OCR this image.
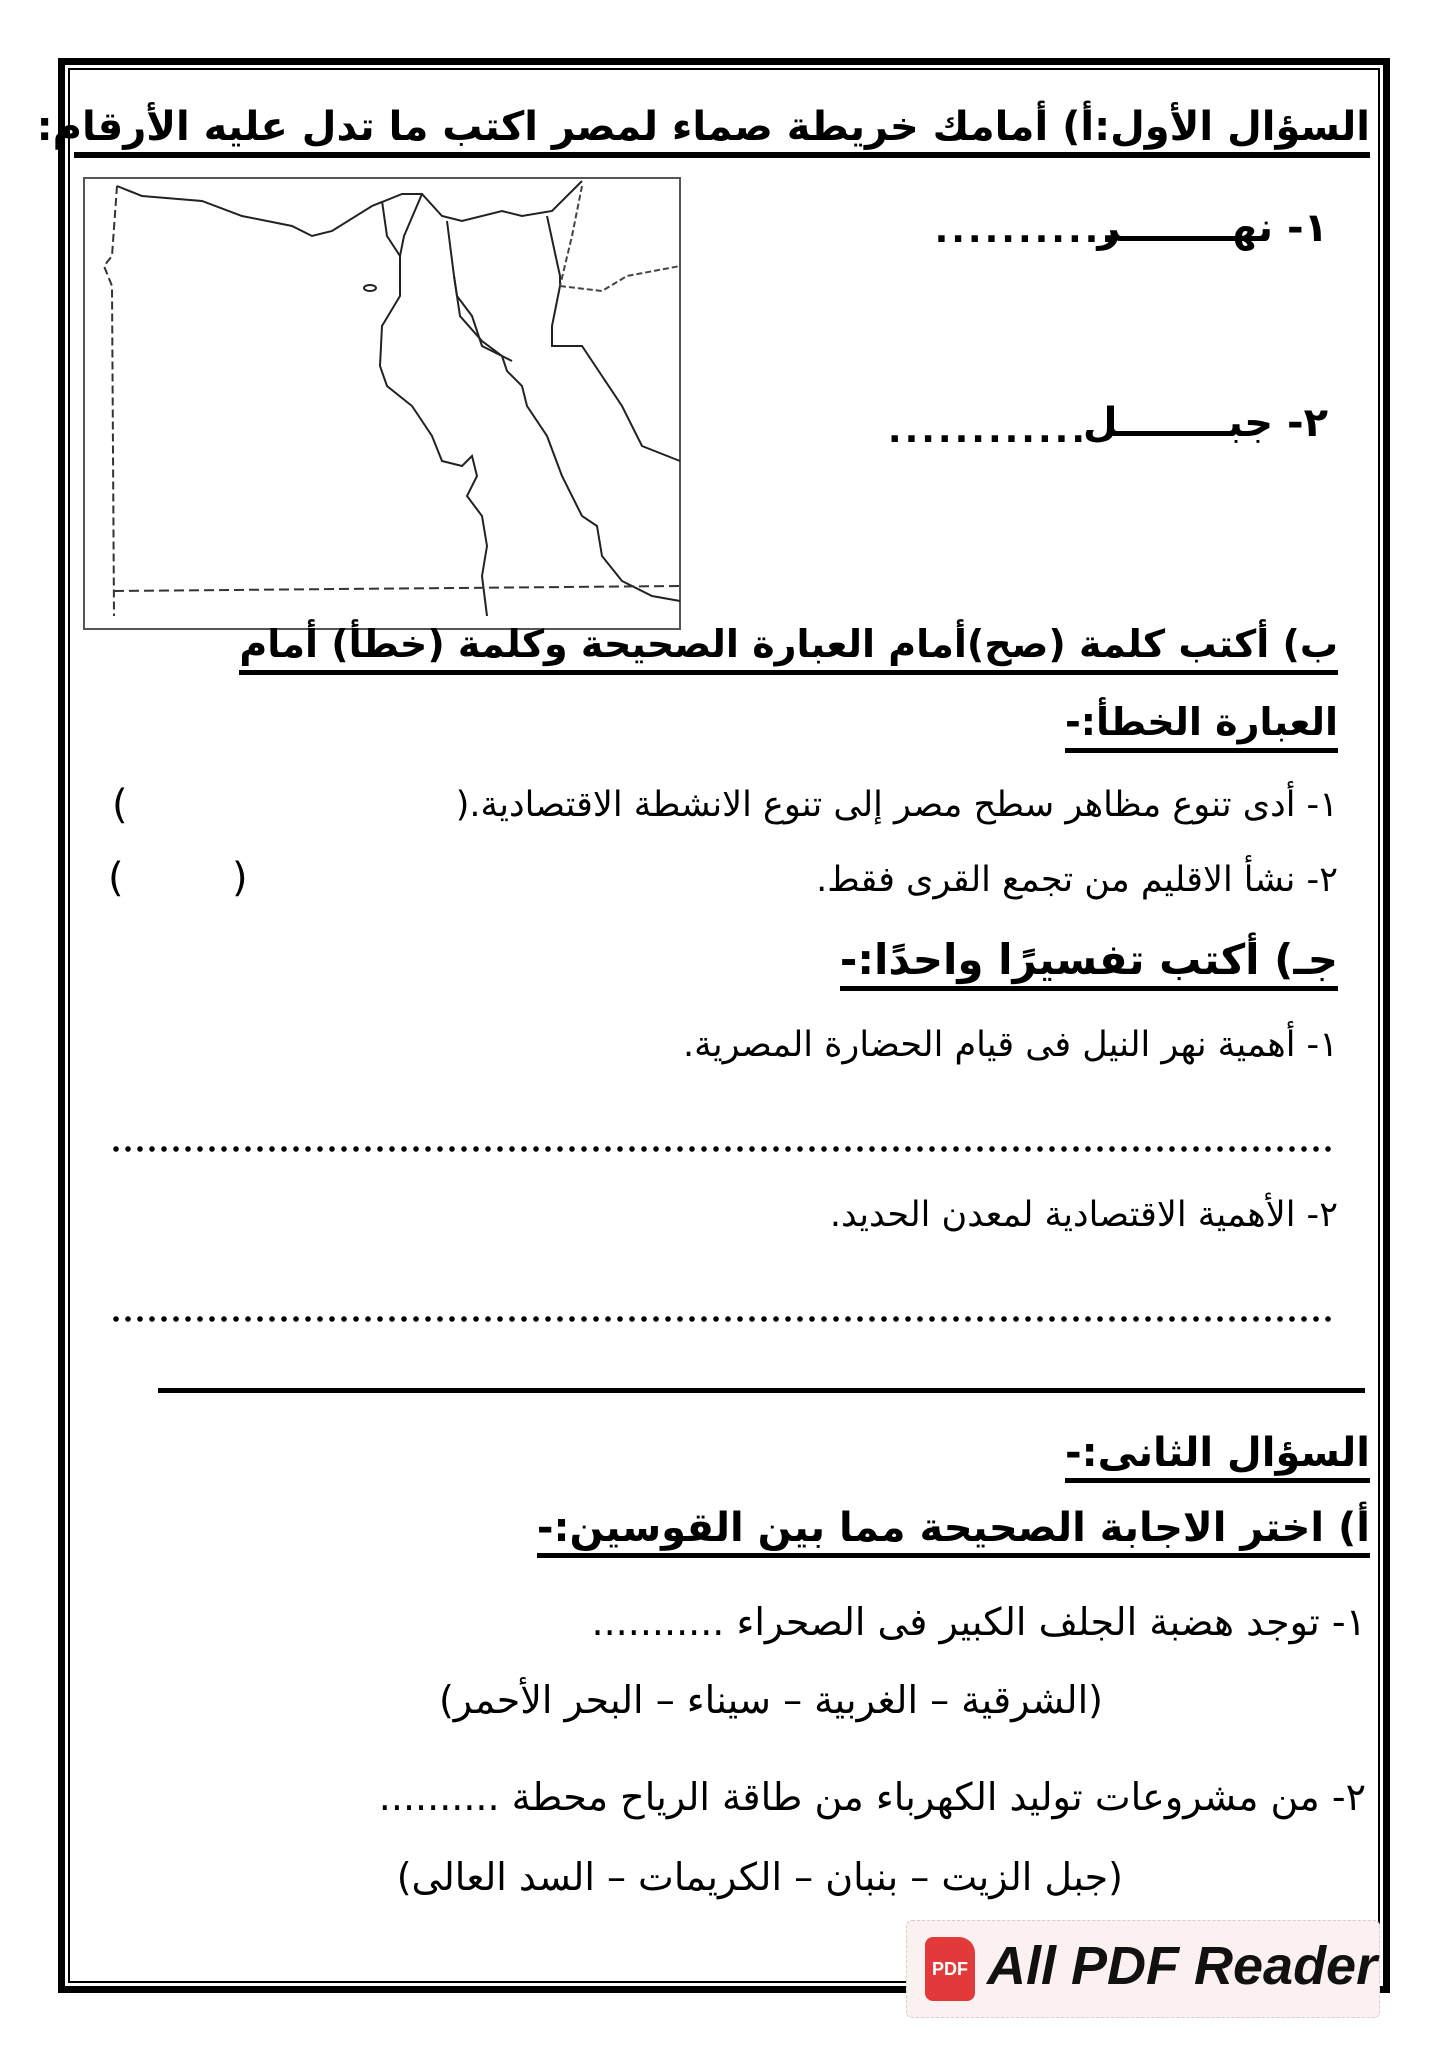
السؤال الأول:أ) أمامك خريطة صماء لمصر اكتب ما تدل عليه الأرقام:
١- نهــــــــر
...........
٢- جبــــــــل
............
ب) أكتب كلمة (صح)أمام العبارة الصحيحة وكلمة (خطأ) أمام
العبارة الخطأ:-
١- أدى تنوع مظاهر سطح مصر إلى تنوع الانشطة الاقتصادية.(
)
٢- نشأ الاقليم من تجمع القرى فقط.
(
)
جـ) أكتب تفسيرًا واحدًا:-
١- أهمية نهر النيل فى قيام الحضارة المصرية.
٢- الأهمية الاقتصادية لمعدن الحديد.
السؤال الثانى:-
أ) اختر الاجابة الصحيحة مما بين القوسين:-
١- توجد هضبة الجلف الكبير فى الصحراء ...........
(الشرقية – الغربية – سيناء – البحر الأحمر)
٢- من مشروعات توليد الكهرباء من طاقة الرياح محطة ..........
(جبل الزيت – بنبان – الكريمات – السد العالى)
PDF All PDF Reader
